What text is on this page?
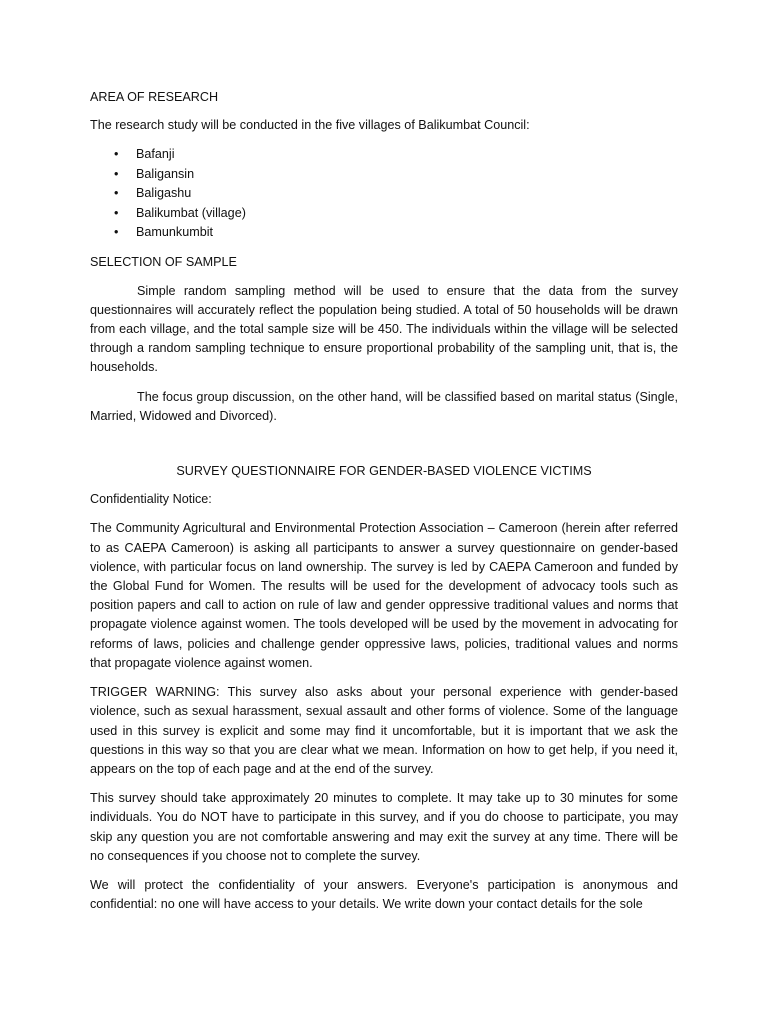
AREA OF RESEARCH

The research study will be conducted in the five villages of Balikumbat Council:

• Bafanji
• Baligansin
• Baligashu
• Balikumbat (village)
• Bamunkumbit
SELECTION OF SAMPLE

Simple random sampling method will be used to ensure that the data from the survey questionnaires will accurately reflect the population being studied. A total of 50 households will be drawn from each village, and the total sample size will be 450. The individuals within the village will be selected through a random sampling technique to ensure proportional probability of the sampling unit, that is, the households.

The focus group discussion, on the other hand, will be classified based on marital status (Single, Married, Widowed and Divorced).

SURVEY QUESTIONNAIRE FOR GENDER-BASED VIOLENCE VICTIMS

Confidentiality Notice:

The Community Agricultural and Environmental Protection Association – Cameroon (herein after referred to as CAEPA Cameroon) is asking all participants to answer a survey questionnaire on gender-based violence, with particular focus on land ownership. The survey is led by CAEPA Cameroon and funded by the Global Fund for Women. The results will be used for the development of advocacy tools such as position papers and call to action on rule of law and gender oppressive traditional values and norms that propagate violence against women. The tools developed will be used by the movement in advocating for reforms of laws, policies and challenge gender oppressive laws, policies, traditional values and norms that propagate violence against women.

TRIGGER WARNING: This survey also asks about your personal experience with gender-based violence, such as sexual harassment, sexual assault and other forms of violence. Some of the language used in this survey is explicit and some may find it uncomfortable, but it is important that we ask the questions in this way so that you are clear what we mean. Information on how to get help, if you need it, appears on the top of each page and at the end of the survey.

This survey should take approximately 20 minutes to complete. It may take up to 30 minutes for some individuals. You do NOT have to participate in this survey, and if you do choose to participate, you may skip any question you are not comfortable answering and may exit the survey at any time. There will be no consequences if you choose not to complete the survey.

We will protect the confidentiality of your answers. Everyone's participation is anonymous and confidential: no one will have access to your details. We write down your contact details for the sole
